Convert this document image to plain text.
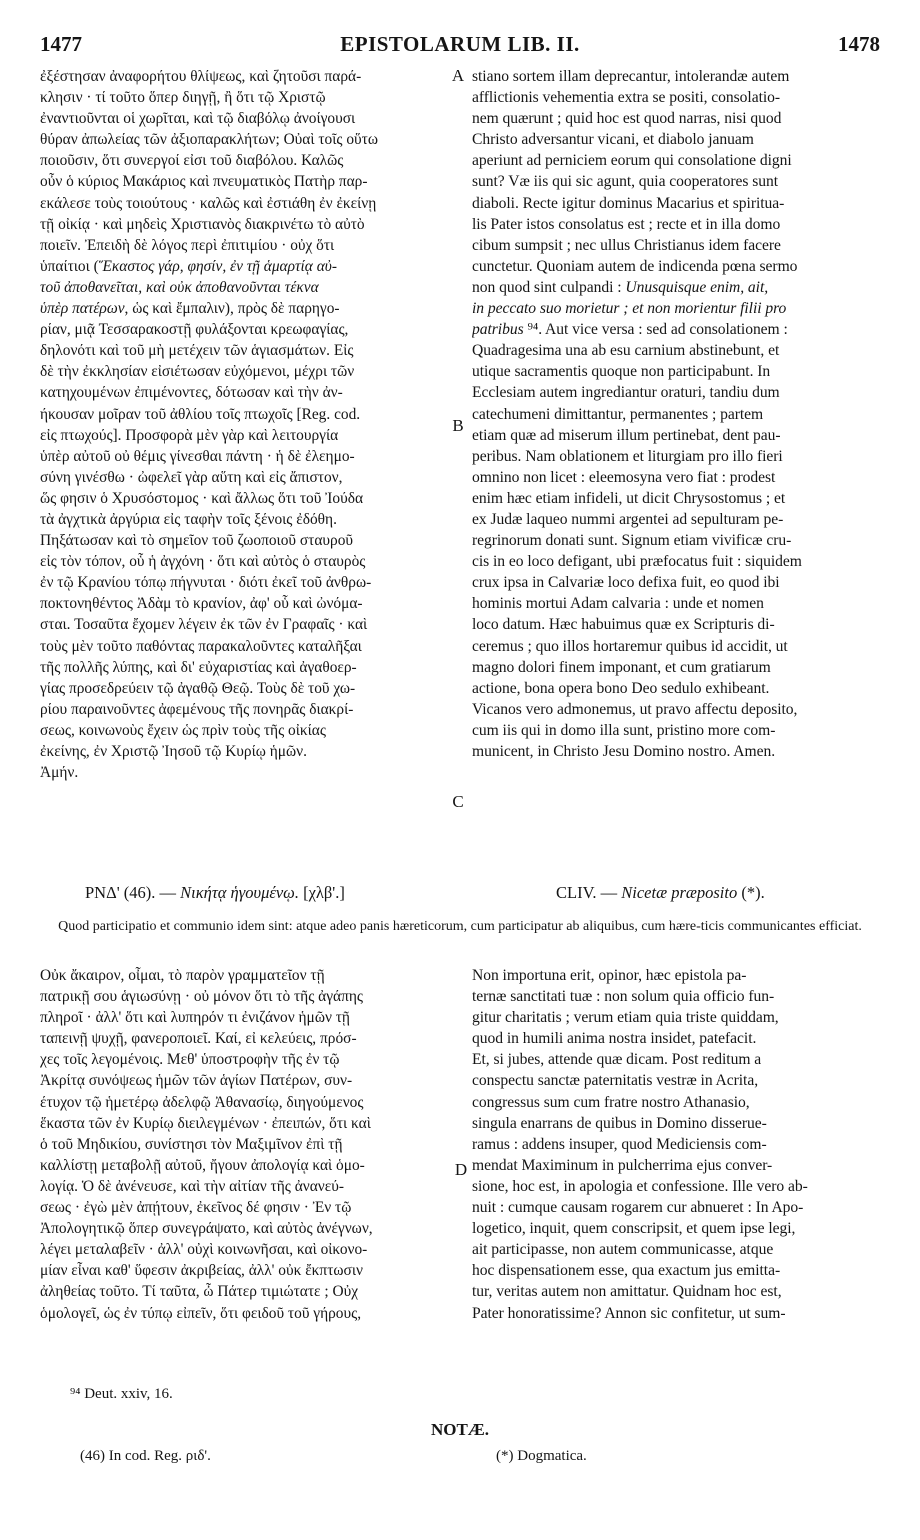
1477	EPISTOLARUM LIB. II.	1478
A
B
C
D
ἐξέστησαν ἀναφορήτου θλίψεως, καὶ ζητοῦσι παρά-
κλησιν · τί τοῦτο ὅπερ διηγῇ, ἢ ὅτι τῷ Χριστῷ
ἐναντιοῦνται οἱ χωρῖται, καὶ τῷ διαβόλῳ ἀνοίγουσι
θύραν ἀπωλείας τῶν ἀξιοπαρακλήτων; Οὐαὶ τοῖς οὕτω
ποιοῦσιν, ὅτι συνεργοί εἰσι τοῦ διαβόλου. Καλῶς
οὖν ὁ κύριος Μακάριος καὶ πνευματικὸς Πατὴρ παρ-
εκάλεσε τοὺς τοιούτους · καλῶς καὶ ἐστιάθη ἐν ἐκείνῃ
τῇ οἰκίᾳ · καὶ μηδεὶς Χριστιανὸς διακρινέτω τὸ αὐτὸ
ποιεῖν. Ἐπειδὴ δὲ λόγος περὶ ἐπιτιμίου · οὐχ ὅτι
ὑπαίτιοι (Ἕκαστος γάρ, φησίν, ἐν τῇ ἁμαρτίᾳ αὐ-
τοῦ ἀποθανεῖται, καὶ οὐκ ἀποθανοῦνται τέκνα
ὑπὲρ πατέρων, ὡς καὶ ἔμπαλιν), πρὸς δὲ παρηγο-
ρίαν, μιᾷ Τεσσαρακοστῇ φυλάξονται κρεωφαγίας,
δηλονότι καὶ τοῦ μὴ μετέχειν τῶν ἁγιασμάτων. Εἰς
δὲ τὴν ἐκκλησίαν εἰσιέτωσαν εὐχόμενοι, μέχρι τῶν
κατηχουμένων ἐπιμένοντες, δότωσαν καὶ τὴν ἀν-
ήκουσαν μοῖραν τοῦ ἀθλίου τοῖς πτωχοῖς [Reg. cod.
εἰς πτωχούς]. Προσφορὰ μὲν γὰρ καὶ λειτουργία
ὑπὲρ αὐτοῦ οὐ θέμις γίνεσθαι πάντη · ἡ δὲ ἐλεημο-
σύνη γινέσθω · ὠφελεῖ γὰρ αὕτη καὶ εἰς ἄπιστον,
ὥς φησιν ὁ Χρυσόστομος · καὶ ἄλλως ὅτι τοῦ Ἰούδα
τὰ ἀγχτικὰ ἀργύρια εἰς ταφὴν τοῖς ξένοις ἐδόθη.
Πηξάτωσαν καὶ τὸ σημεῖον τοῦ ζωοποιοῦ σταυροῦ
εἰς τὸν τόπον, οὗ ἡ ἀγχόνη · ὅτι καὶ αὐτὸς ὁ σταυρὸς
ἐν τῷ Κρανίου τόπῳ πήγνυται · διότι ἐκεῖ τοῦ ἀνθρω-
ποκτονηθέντος Ἀδὰμ τὸ κρανίον, ἀφ' οὗ καὶ ὠνόμα-
σται. Τοσαῦτα ἔχομεν λέγειν ἐκ τῶν ἐν Γραφαῖς · καὶ
τοὺς μὲν τοῦτο παθόντας παρακαλοῦντες καταλῆξαι
τῆς πολλῆς λύπης, καὶ δι' εὐχαριστίας καὶ ἀγαθοερ-
γίας προσεδρεύειν τῷ ἀγαθῷ Θεῷ. Τοὺς δὲ τοῦ χω-
ρίου παραινοῦντες ἀφεμένους τῆς πονηρᾶς διακρί-
σεως, κοινωνοὺς ἔχειν ὡς πρὶν τοὺς τῆς οἰκίας
ἐκείνης, ἐν Χριστῷ Ἰησοῦ τῷ Κυρίῳ ἡμῶν.
Ἀμήν.
stiano sortem illam deprecantur, intolerandæ autem
afflictionis vehementia extra se positi, consolatio-
nem quærunt ; quid hoc est quod narras, nisi quod
Christo adversantur vicani, et diabolo januam
aperiunt ad perniciem eorum qui consolatione digni
sunt? Væ iis qui sic agunt, quia cooperatores sunt
diaboli. Recte igitur dominus Macarius et spiritua-
lis Pater istos consolatus est ; recte et in illa domo
cibum sumpsit ; nec ullus Christianus idem facere
cunctetur. Quoniam autem de indicenda pœna sermo
non quod sint culpandi : Unusquisque enim, ait,
in peccato suo morietur ; et non morientur filii pro
patribus ⁹⁴. Aut vice versa : sed ad consolationem :
Quadragesima una ab esu carnium abstinebunt, et
utique sacramentis quoque non participabunt. In
Ecclesiam autem ingrediantur oraturi, tandiu dum
catechumeni dimittantur, permanentes ; partem
etiam quæ ad miserum illum pertinebat, dent pau-
peribus. Nam oblationem et liturgiam pro illo fieri
omnino non licet : eleemosyna vero fiat : prodest
enim hæc etiam infideli, ut dicit Chrysostomus ; et
ex Judæ laqueo nummi argentei ad sepulturam pe-
regrinorum donati sunt. Signum etiam vivificæ cru-
cis in eo loco defigant, ubi præfocatus fuit : siquidem
crux ipsa in Calvariæ loco defixa fuit, eo quod ibi
hominis mortui Adam calvaria : unde et nomen
loco datum. Hæc habuimus quæ ex Scripturis di-
ceremus ; quo illos hortaremur quibus id accidit, ut
magno dolori finem imponant, et cum gratiarum
actione, bona opera bono Deo sedulo exhibeant.
Vicanos vero admonemus, ut pravo affectu deposito,
cum iis qui in domo illa sunt, pristino more com-
municent, in Christo Jesu Domino nostro. Amen.
ΡΝΔ' (46). — Νικήτᾳ ἡγουμένῳ. [χλβ'.]	CLIV. — Nicetæ præposito (*).
Quod participatio et communio idem sint: atque adeo panis hæreticorum, cum participatur ab aliquibus, cum hære-ticis communicantes efficiat.
Οὐκ ἄκαιρον, οἶμαι, τὸ παρὸν γραμματεῖον τῇ
πατρικῇ σου ἁγιωσύνῃ · οὐ μόνον ὅτι τὸ τῆς ἀγάπης
πληροῖ · ἀλλ' ὅτι καὶ λυπηρόν τι ἐνιζάνον ἡμῶν τῇ
ταπεινῇ ψυχῇ, φανεροποιεῖ. Καί, εἰ κελεύεις, πρόσ-
χες τοῖς λεγομένοις. Μεθ' ὑποστροφὴν τῆς ἐν τῷ
Ἀκρίτᾳ συνόψεως ἡμῶν τῶν ἁγίων Πατέρων, συν-
έτυχον τῷ ἡμετέρῳ ἀδελφῷ Ἀθανασίῳ, διηγούμενος
ἕκαστα τῶν ἐν Κυρίῳ διειλεγμένων · ἐπειπών, ὅτι καὶ
ὁ τοῦ Μηδικίου, συνίστησι τὸν Μαξιμῖνον ἐπὶ τῇ
καλλίστῃ μεταβολῇ αὐτοῦ, ἤγουν ἀπολογίᾳ καὶ ὁμο-
λογίᾳ. Ὁ δὲ ἀνένευσε, καὶ τὴν αἰτίαν τῆς ἀνανεύ-
σεως · ἐγὼ μὲν ἀπῄτουν, ἐκεῖνος δέ φησιν · Ἐν τῷ
Ἀπολογητικῷ ὅπερ συνεγράψατο, καὶ αὐτὸς ἀνέγνων,
λέγει μεταλαβεῖν · ἀλλ' οὐχὶ κοινωνῆσαι, καὶ οἰκονο-
μίαν εἶναι καθ' ὕφεσιν ἀκριβείας, ἀλλ' οὐκ ἔκπτωσιν
ἀληθείας τοῦτο. Τί ταῦτα, ὦ Πάτερ τιμιώτατε ; Οὐχ
ὁμολογεῖ, ὡς ἐν τύπῳ εἰπεῖν, ὅτι φειδοῦ τοῦ γήρους,
Non importuna erit, opinor, hæc epistola pa-
ternæ sanctitati tuæ : non solum quia officio fun-
gitur charitatis ; verum etiam quia triste quiddam,
quod in humili anima nostra insidet, patefacit.
Et, si jubes, attende quæ dicam. Post reditum a
conspectu sanctæ paternitatis vestræ in Acrita,
congressus sum cum fratre nostro Athanasio,
singula enarrans de quibus in Domino disserue-
ramus : addens insuper, quod Mediciensis com-
mendat Maximinum in pulcherrima ejus conver-
sione, hoc est, in apologia et confessione. Ille vero ab-
nuit : cumque causam rogarem cur abnueret : In Apo-
logetico, inquit, quem conscripsit, et quem ipse legi,
ait participasse, non autem communicasse, atque
hoc dispensationem esse, qua exactum jus emitta-
tur, veritas autem non amittatur. Quidnam hoc est,
Pater honoratissime? Annon sic confitetur, ut sum-
⁹⁴ Deut. xxiv, 16.
NOTÆ.
(46) In cod. Reg. ριδ'.	(*) Dogmatica.
